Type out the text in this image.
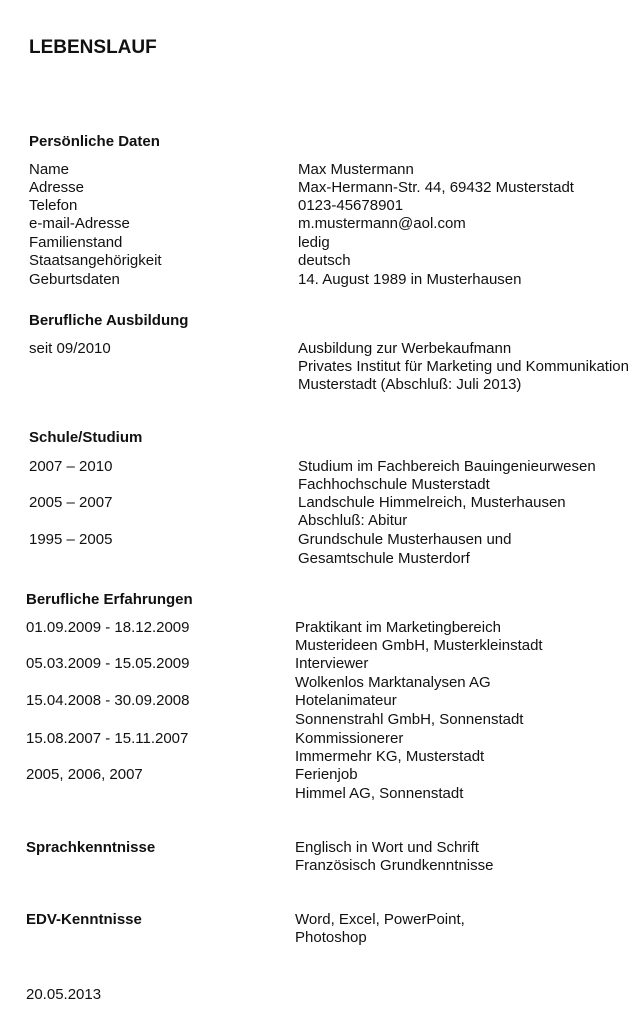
LEBENSLAUF
Persönliche Daten
Name	Max Mustermann
Adresse	Max-Hermann-Str. 44, 69432 Musterstadt
Telefon	0123-45678901
e-mail-Adresse	m.mustermann@aol.com
Familienstand	ledig
Staatsangehörigkeit	deutsch
Geburtsdaten	14. August 1989 in Musterhausen
Berufliche Ausbildung
seit 09/2010	Ausbildung zur Werbekaufmann
Privates Institut für Marketing und Kommunikation
Musterstadt (Abschluß: Juli 2013)
Schule/Studium
2007 – 2010	Studium im Fachbereich Bauingenieurwesen
Fachhochschule Musterstadt
2005 – 2007	Landschule Himmelreich, Musterhausen
Abschluß: Abitur
1995 – 2005	Grundschule Musterhausen und
Gesamtschule Musterdorf
Berufliche Erfahrungen
01.09.2009 - 18.12.2009	Praktikant im Marketingbereich
Musterideen GmbH, Musterkleinstadt
05.03.2009 - 15.05.2009	Interviewer
Wolkenlos Marktanalysen AG
15.04.2008 - 30.09.2008	Hotelanimateur
Sonnenstrahl GmbH, Sonnenstadt
15.08.2007 - 15.11.2007	Kommissionerer
Immermehr KG, Musterstadt
2005, 2006, 2007	Ferienjob
Himmel AG, Sonnenstadt
Sprachkenntnisse	Englisch in Wort und Schrift
Französisch Grundkenntnisse
EDV-Kenntnisse	Word, Excel, PowerPoint,
Photoshop
20.05.2013
